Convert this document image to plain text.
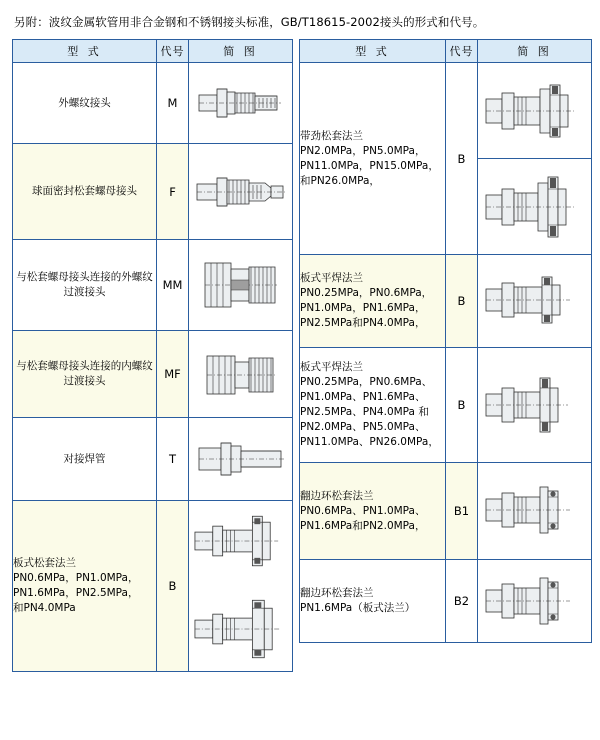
另附：波纹金属软管用非合金钢和不锈钢接头标准，GB/T18615-2002接头的形式和代号。
型 式	代号	简 图
外螺纹接头	M	

球面密封松套螺母接头	F	

与松套螺母接头连接的外螺纹过渡接头	MM	

与松套螺母接头连接的内螺纹过渡接头	MF	

对接焊管	T	

板式松套法兰
PN0.6MPa，PN1.0MPa，
PN1.6MPa，PN2.5MPa，
和PN4.0MPa	B	
型 式	代号	简 图
带劲松套法兰
PN2.0MPa，PN5.0MPa，
PN11.0MPa，PN15.0MPa，
和PN26.0MPa，	B	

板式平焊法兰
PN0.25MPa，PN0.6MPa，
PN1.0MPa，PN1.6MPa，
PN2.5MPa和PN4.0MPa，	B	

板式平焊法兰
PN0.25MPa，PN0.6MPa、
PN1.0MPa、PN1.6MPa、
PN2.5MPa、PN4.0MPa 和
PN2.0MPa、PN5.0MPa、
PN11.0MPa、PN26.0MPa，	B	

翻边环松套法兰
PN0.6MPa、PN1.0MPa、
PN1.6MPa和PN2.0MPa，	B1	

翻边环松套法兰
PN1.6MPa（板式法兰）	B2	
